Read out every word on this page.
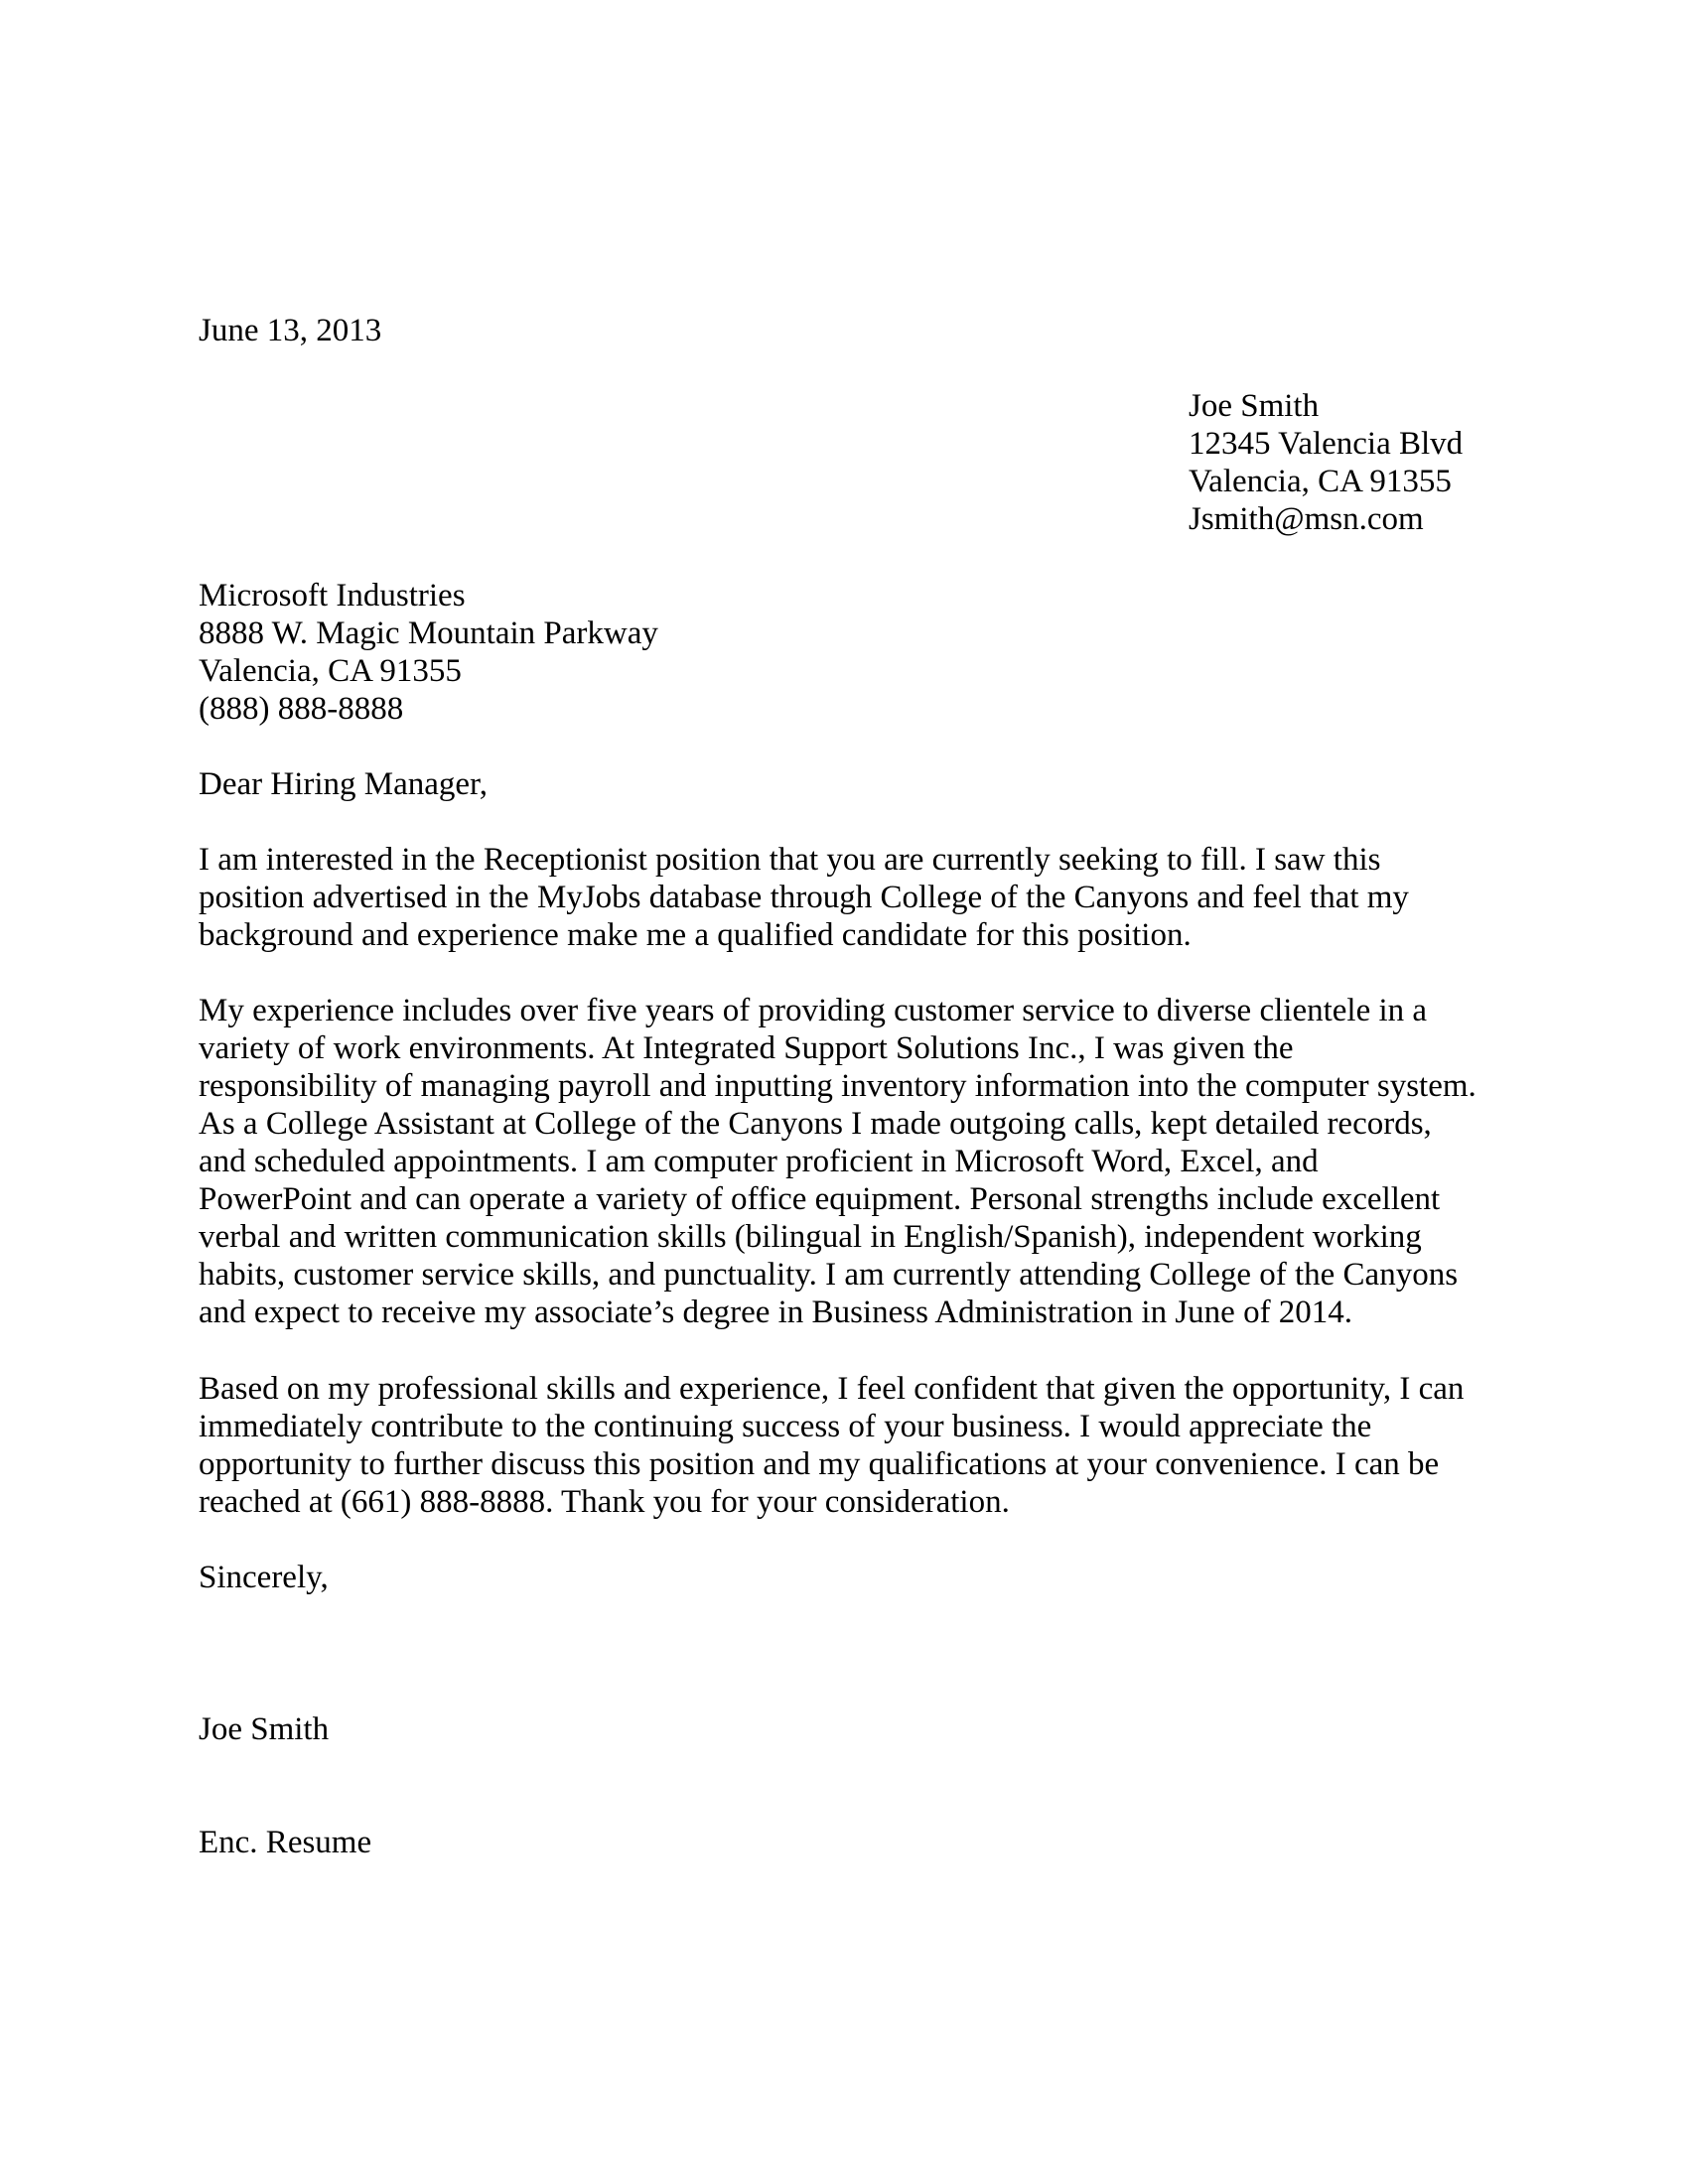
June 13, 2013
Joe Smith
12345 Valencia Blvd
Valencia, CA 91355
Jsmith@msn.com
Microsoft Industries
8888 W. Magic Mountain Parkway
Valencia, CA 91355
(888) 888-8888
Dear Hiring Manager,
I am interested in the Receptionist position that you are currently seeking to fill. I saw this
position advertised in the MyJobs database through College of the Canyons and feel that my
background and experience make me a qualified candidate for this position.
My experience includes over five years of providing customer service to diverse clientele in a
variety of work environments. At Integrated Support Solutions Inc., I was given the
responsibility of managing payroll and inputting inventory information into the computer system.
As a College Assistant at College of the Canyons I made outgoing calls, kept detailed records,
and scheduled appointments. I am computer proficient in Microsoft Word, Excel, and
PowerPoint and can operate a variety of office equipment. Personal strengths include excellent
verbal and written communication skills (bilingual in English/Spanish), independent working
habits, customer service skills, and punctuality. I am currently attending College of the Canyons
and expect to receive my associate’s degree in Business Administration in June of 2014.
Based on my professional skills and experience, I feel confident that given the opportunity, I can
immediately contribute to the continuing success of your business. I would appreciate the
opportunity to further discuss this position and my qualifications at your convenience. I can be
reached at (661) 888-8888. Thank you for your consideration.
Sincerely,
Joe Smith
Enc. Resume
